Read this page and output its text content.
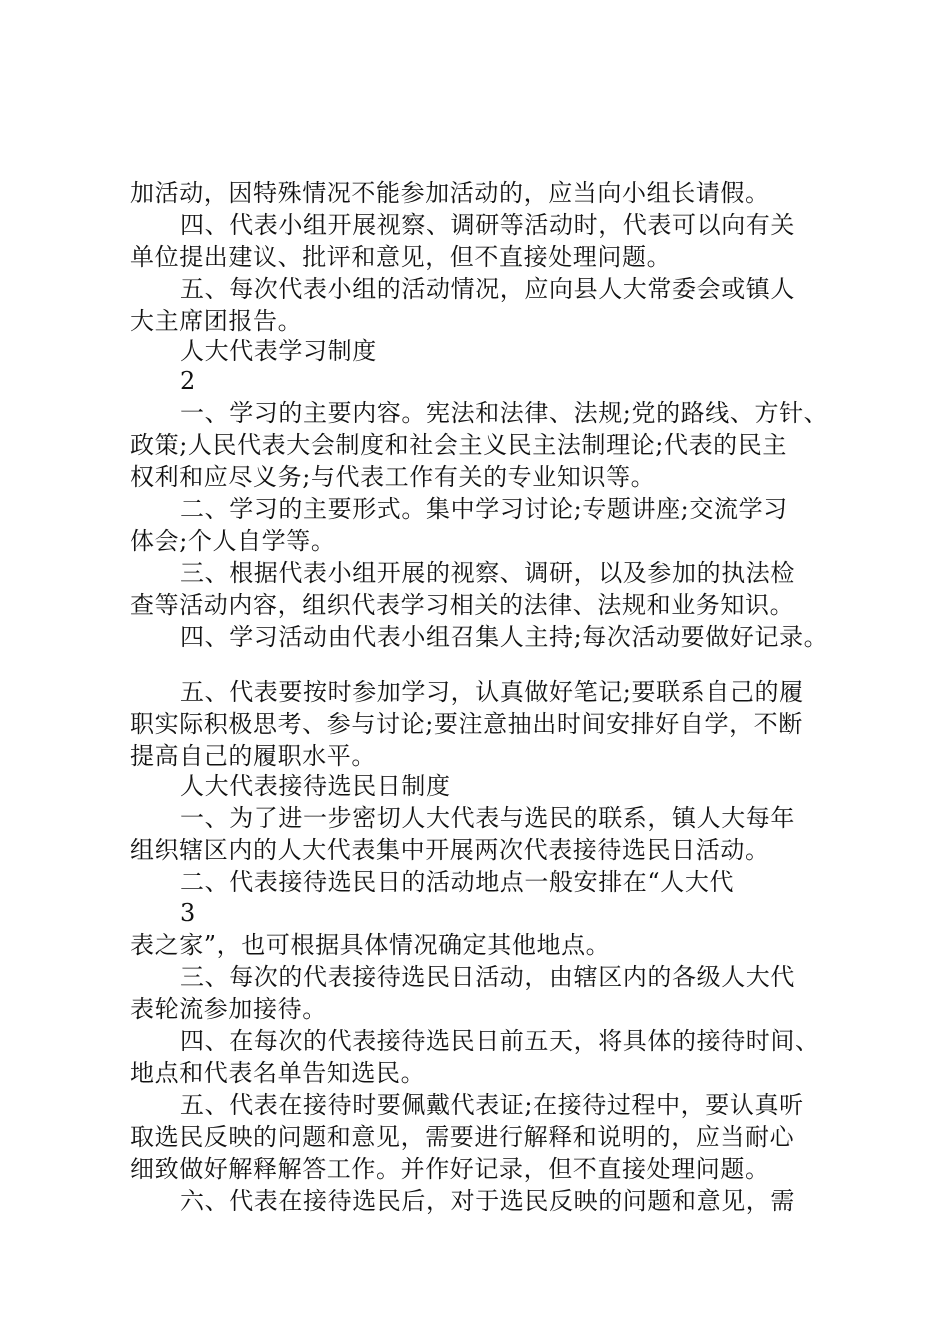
加活动，因特殊情况不能参加活动的，应当向小组长请假。
四、代表小组开展视察、调研等活动时，代表可以向有关
单位提出建议、批评和意见，但不直接处理问题。
五、每次代表小组的活动情况，应向县人大常委会或镇人
大主席团报告。
人大代表学习制度
2
一、学习的主要内容。宪法和法律、法规;党的路线、方针、
政策;人民代表大会制度和社会主义民主法制理论;代表的民主
权利和应尽义务;与代表工作有关的专业知识等。
二、学习的主要形式。集中学习讨论;专题讲座;交流学习
体会;个人自学等。
三、根据代表小组开展的视察、调研，以及参加的执法检
查等活动内容，组织代表学习相关的法律、法规和业务知识。
四、学习活动由代表小组召集人主持;每次活动要做好记录。
五、代表要按时参加学习，认真做好笔记;要联系自己的履
职实际积极思考、参与讨论;要注意抽出时间安排好自学，不断
提高自己的履职水平。
人大代表接待选民日制度
一、为了进一步密切人大代表与选民的联系，镇人大每年
组织辖区内的人大代表集中开展两次代表接待选民日活动。
二、代表接待选民日的活动地点一般安排在“人大代
3
表之家”，也可根据具体情况确定其他地点。
三、每次的代表接待选民日活动，由辖区内的各级人大代
表轮流参加接待。
四、在每次的代表接待选民日前五天，将具体的接待时间、
地点和代表名单告知选民。
五、代表在接待时要佩戴代表证;在接待过程中，要认真听
取选民反映的问题和意见，需要进行解释和说明的，应当耐心
细致做好解释解答工作。并作好记录，但不直接处理问题。
六、代表在接待选民后，对于选民反映的问题和意见，需
